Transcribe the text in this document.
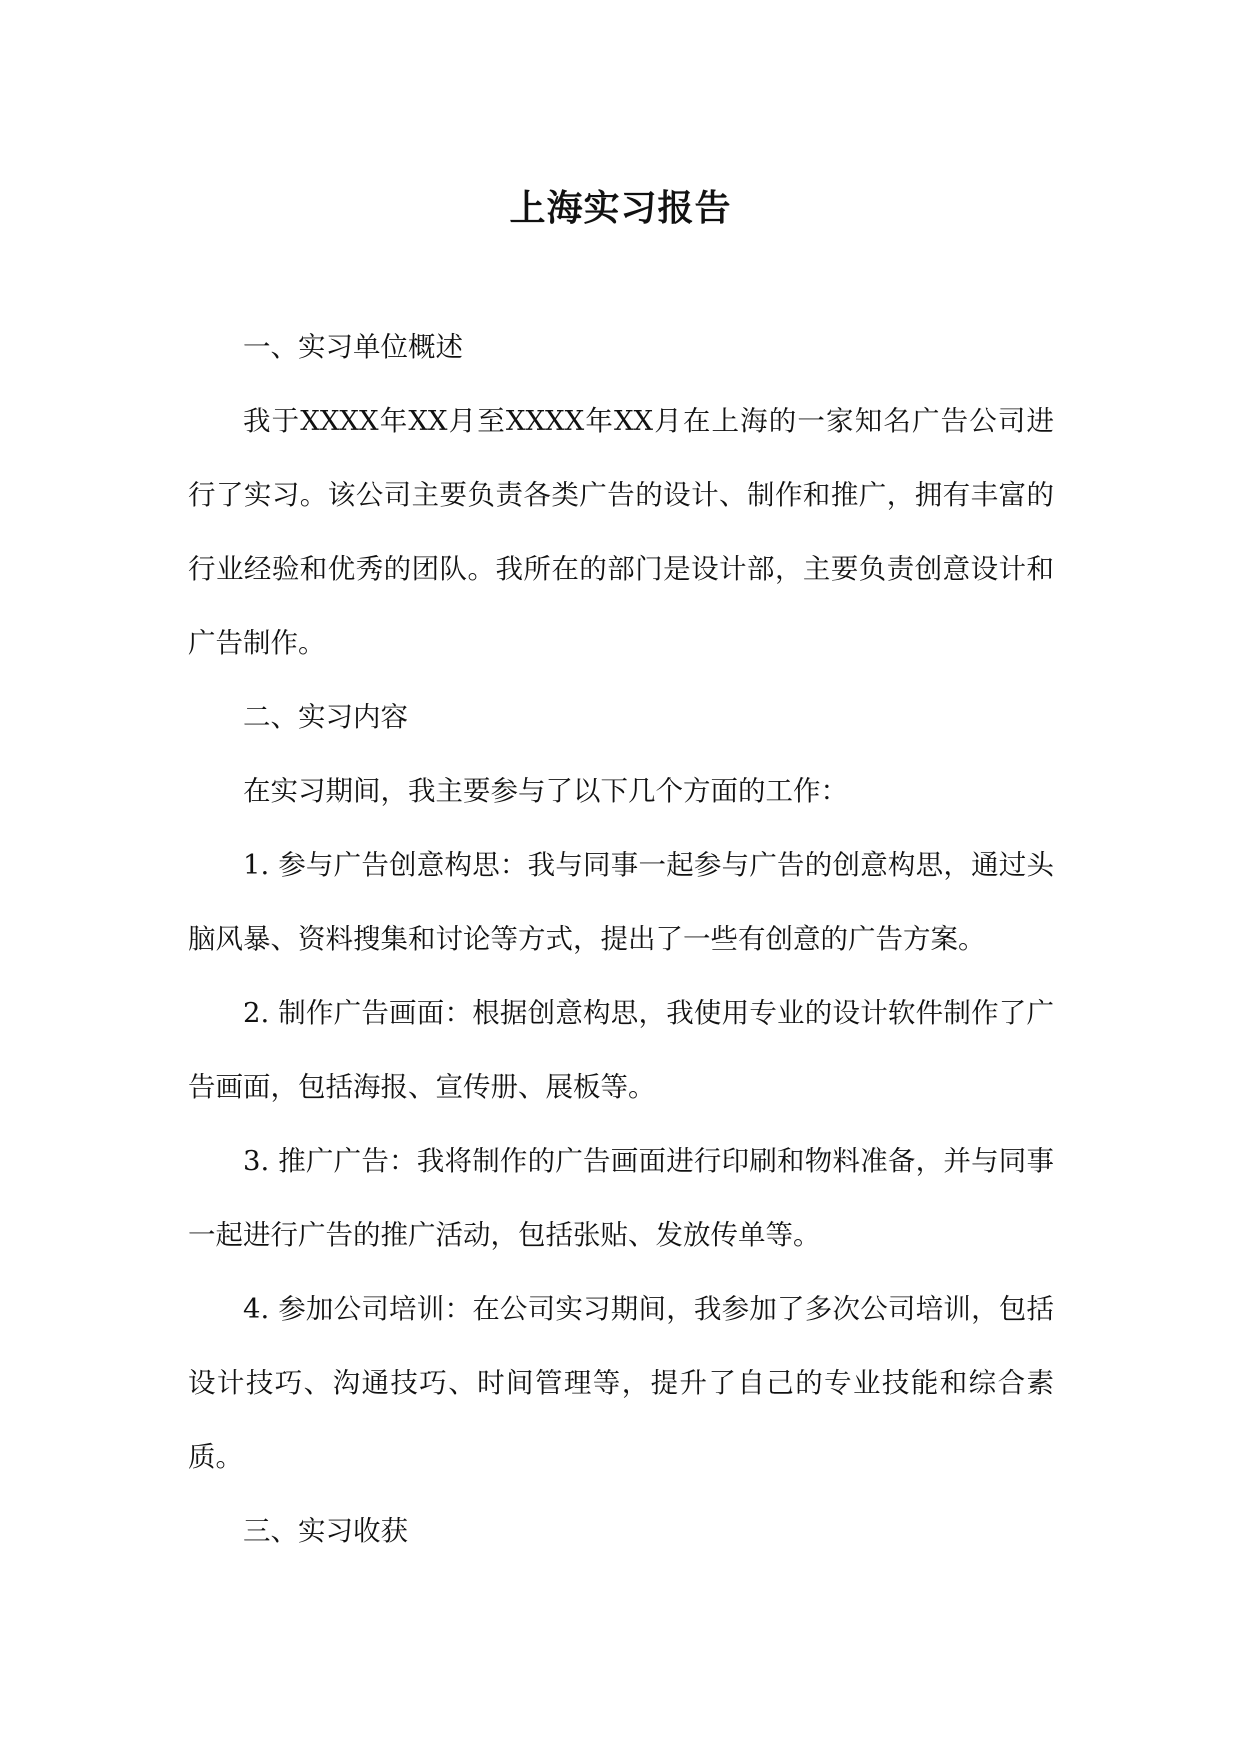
上海实习报告

一、实习单位概述

我于XXXX年XX月至XXXX年XX月在上海的一家知名广告公司进行了实习。该公司主要负责各类广告的设计、制作和推广，拥有丰富的行业经验和优秀的团队。我所在的部门是设计部，主要负责创意设计和广告制作。

二、实习内容

在实习期间，我主要参与了以下几个方面的工作：

1. 参与广告创意构思：我与同事一起参与广告的创意构思，通过头脑风暴、资料搜集和讨论等方式，提出了一些有创意的广告方案。

2. 制作广告画面：根据创意构思，我使用专业的设计软件制作了广告画面，包括海报、宣传册、展板等。

3. 推广广告：我将制作的广告画面进行印刷和物料准备，并与同事一起进行广告的推广活动，包括张贴、发放传单等。

4. 参加公司培训：在公司实习期间，我参加了多次公司培训，包括设计技巧、沟通技巧、时间管理等，提升了自己的专业技能和综合素质。

三、实习收获
